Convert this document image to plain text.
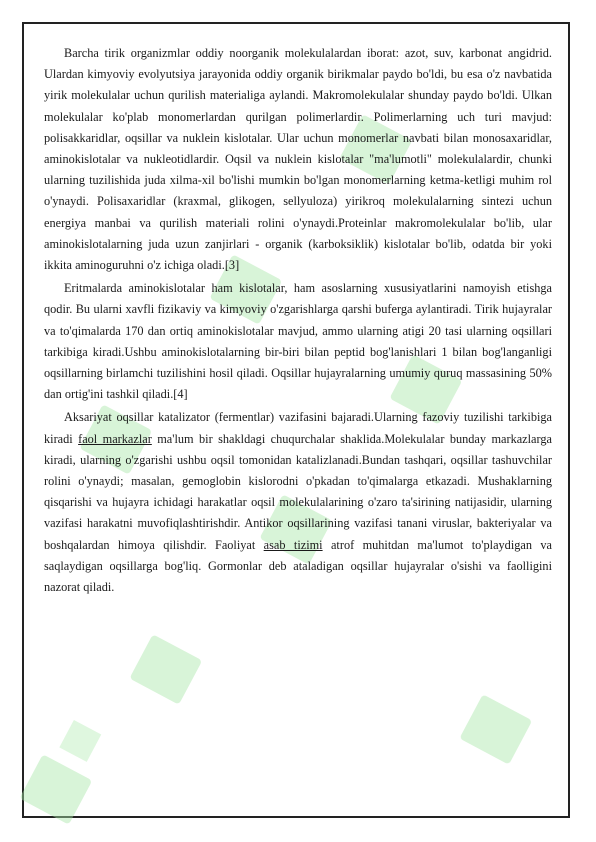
■

Barcha tirik organizmlar oddiy noorganik molekulalardan iborat: azot, suv, karbonat angidrid. Ulardan kimyoviy evolyutsiya jarayonida oddiy organik birikmalar paydo bo'ldi, bu esa o'z navbatida yirik molekulalar uchun qurilish materialiga aylandi. Makromolekulalar shunday paydo bo'ldi. Ulkan molekulalar ko'plab monomerlardan qurilgan polimerlardir. Polimerlarning uch turi mavjud: polisakkaridlar, oqsillar va nuklein kislotalar. Ular uchun monomerlar navbati bilan monosaxaridlar, aminokislotalar va nukleotidlardir. Oqsil va nuklein kislotalar "ma'lumotli" molekulalardir, chunki ularning tuzilishida juda xilma-xil bo'lishi mumkin bo'lgan monomerlarning ketma-ketligi muhim rol o'ynaydi. Polisaxaridlar (kraxmal, glikogen, sellyuloza) yirikroq molekulalarning sintezi uchun energiya manbai va qurilish materiali rolini o'ynaydi.Proteinlar makromolekulalar bo'lib, ular aminokislotalarning juda uzun zanjirlari - organik (karboksiklik) kislotalar bo'lib, odatda bir yoki ikkita aminoguruhni o'z ichiga oladi.[3]

Eritmalarda aminokislotalar ham kislotalar, ham asoslarning xususiyatlarini namoyish etishga qodir. Bu ularni xavfli fizikaviy va kimyoviy o'zgarishlarga qarshi buferga aylantiradi. Tirik hujayralar va to'qimalarda 170 dan ortiq aminokislotalar mavjud, ammo ularning atigi 20 tasi ularning oqsillari tarkibiga kiradi.Ushbu aminokislotalarning bir-biri bilan peptid bog'lanishlari 1 bilan bog'langanligi oqsillarning birlamchi tuzilishini hosil qiladi. Oqsillar hujayralarning umumiy quruq massasining 50% dan ortig'ini tashkil qiladi.[4]

Aksariyat oqsillar katalizator (fermentlar) vazifasini bajaradi.Ularning fazoviy tuzilishi tarkibiga kiradi faol markazlar ma'lum bir shakldagi chuqurchalar shaklida.Molekulalar bunday markazlarga kiradi, ularning o'zgarishi ushbu oqsil tomonidan katalizlanadi.Bundan tashqari, oqsillar tashuvchilar rolini o'ynaydi; masalan, gemoglobin kislorodni o'pkadan to'qimalarga etkazadi. Mushaklarning qisqarishi va hujayra ichidagi harakatlar oqsil molekulalarining o'zaro ta'sirining natijasidir, ularning vazifasi harakatni muvofiqlashtirishdir. Antikor oqsillarining vazifasi tanani viruslar, bakteriyalar va boshqalardan himoya qilishdir. Faoliyat asab tizimi atrof muhitdan ma'lumot to'playdigan va saqlaydigan oqsillarga bog'liq. Gormonlar deb ataladigan oqsillar hujayralar o'sishi va faolligini nazorat qiladi.
